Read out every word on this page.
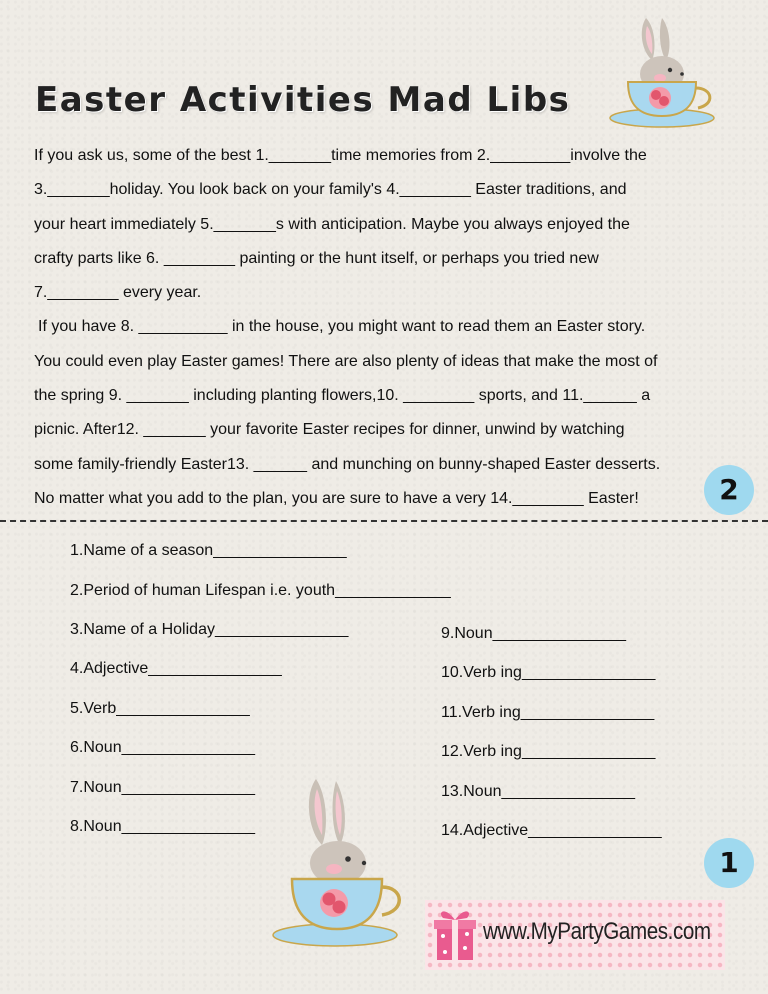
Easter Activities Mad Libs

If you ask us, some of the best 1._______time memories from 2._________involve the

3._______holiday. You look back on your family's 4.________ Easter traditions, and

your heart immediately 5._______s with anticipation. Maybe you always enjoyed the

crafty parts like 6. ________ painting or the hunt itself, or perhaps you tried new

7.________ every year.

If you have 8. __________ in the house, you might want to read them an Easter story.

You could even play Easter games! There are also plenty of ideas that make the most of

the spring 9. _______ including planting flowers,10. ________ sports, and 11.______ a

picnic. After12. _______ your favorite Easter recipes for dinner, unwind by watching

some family-friendly Easter13. ______ and munching on bunny-shaped Easter desserts.

No matter what you add to the plan, you are sure to have a very 14.________ Easter!	2
1.Name of a season_______________
2.Period of human Lifespan i.e. youth_____________
3.Name of a Holiday_______________
4.Adjective_______________
5.Verb_______________
6.Noun_______________
7.Noun_______________
8.Noun_______________
9.Noun_______________
10.Verb ing_______________
11.Verb ing_______________
12.Verb ing_______________
13.Noun_______________
14.Adjective_______________
1
www.MyPartyGames.com
